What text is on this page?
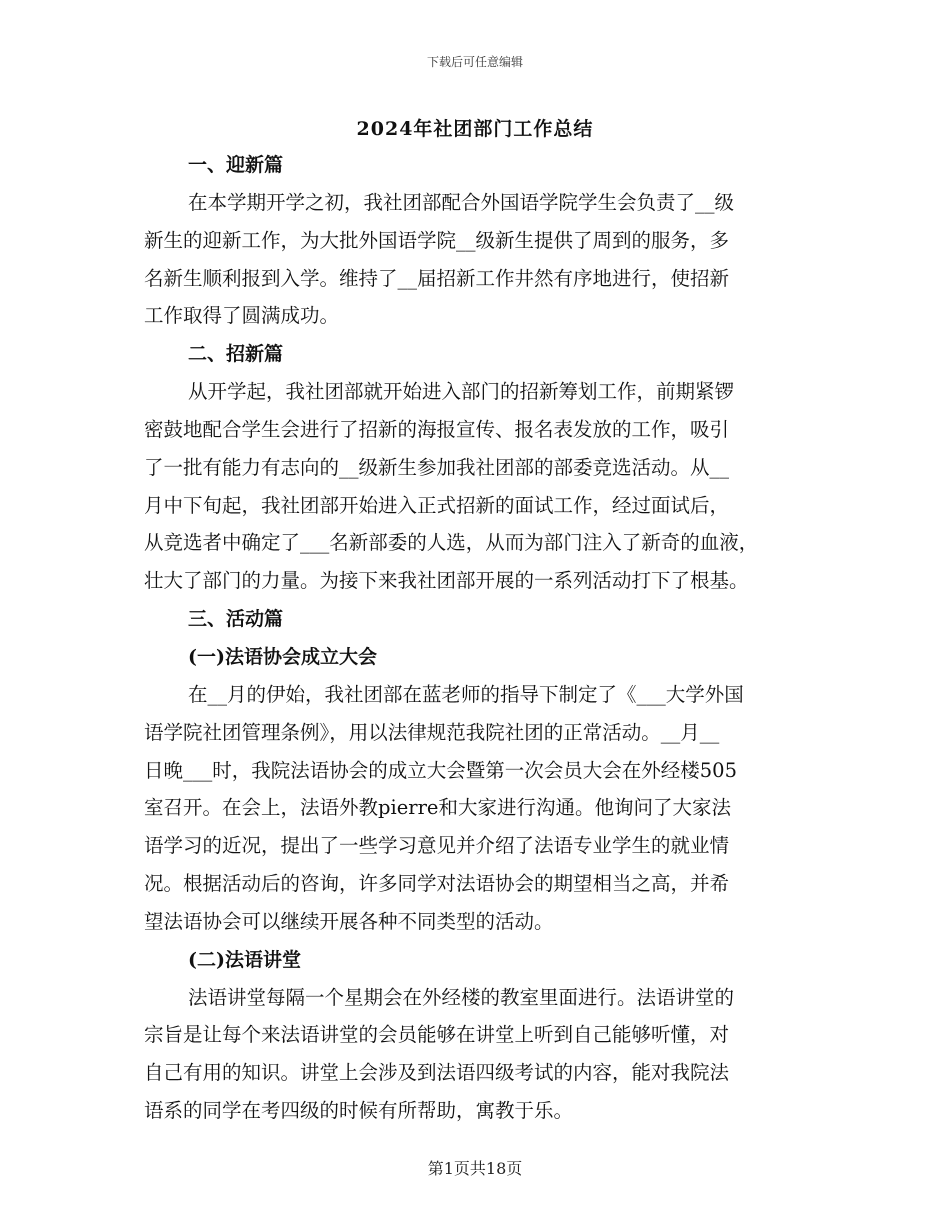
下载后可任意编辑
2024年社团部门工作总结
一、迎新篇

在本学期开学之初，我社团部配合外国语学院学生会负责了__级
新生的迎新工作，为大批外国语学院__级新生提供了周到的服务，多
名新生顺利报到入学。维持了__届招新工作井然有序地进行，使招新
工作取得了圆满成功。

二、招新篇

从开学起，我社团部就开始进入部门的招新筹划工作，前期紧锣
密鼓地配合学生会进行了招新的海报宣传、报名表发放的工作，吸引
了一批有能力有志向的__级新生参加我社团部的部委竞选活动。从__
月中下旬起，我社团部开始进入正式招新的面试工作，经过面试后，
从竞选者中确定了___名新部委的人选，从而为部门注入了新奇的血液，
壮大了部门的力量。为接下来我社团部开展的一系列活动打下了根基。

三、活动篇
(一)法语协会成立大会

在__月的伊始，我社团部在蓝老师的指导下制定了《___大学外国
语学院社团管理条例》，用以法律规范我院社团的正常活动。__月__
日晚___时，我院法语协会的成立大会暨第一次会员大会在外经楼505
室召开。在会上，法语外教pierre和大家进行沟通。他询问了大家法
语学习的近况，提出了一些学习意见并介绍了法语专业学生的就业情
况。根据活动后的咨询，许多同学对法语协会的期望相当之高，并希
望法语协会可以继续开展各种不同类型的活动。

(二)法语讲堂

法语讲堂每隔一个星期会在外经楼的教室里面进行。法语讲堂的
宗旨是让每个来法语讲堂的会员能够在讲堂上听到自己能够听懂，对
自己有用的知识。讲堂上会涉及到法语四级考试的内容，能对我院法
语系的同学在考四级的时候有所帮助，寓教于乐。

第1页共18页
